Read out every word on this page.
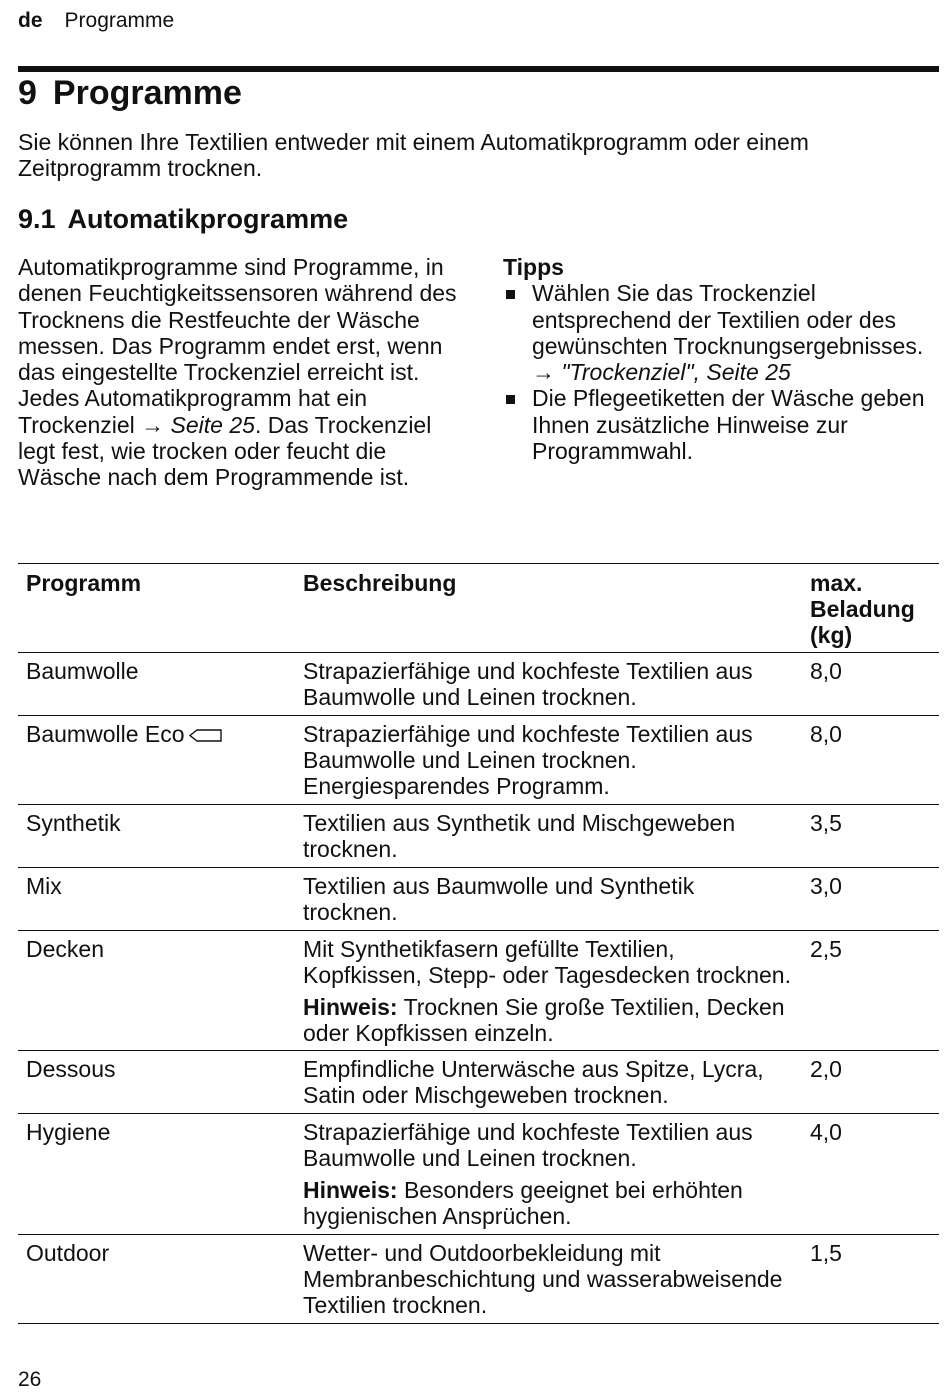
de Programme
9 Programme
Sie können Ihre Textilien entweder mit einem Automatikprogramm oder einem Zeitprogramm trocknen.
9.1 Automatikprogramme
Automatikprogramme sind Programme, in denen Feuchtigkeitssensoren während des Trocknens die Restfeuchte der Wäsche messen. Das Programm endet erst, wenn das eingestellte Trockenziel erreicht ist. Jedes Automatikprogramm hat ein Trockenziel → Seite 25. Das Trockenziel legt fest, wie trocken oder feucht die Wäsche nach dem Programmende ist.
Tipps
Wählen Sie das Trockenziel entsprechend der Textilien oder des gewünschten Trocknungsergebnisses.
→ "Trockenziel", Seite 25
Die Pflegeetiketten der Wäsche geben Ihnen zusätzliche Hinweise zur Programmwahl.
Programm	Beschreibung	max. Beladung (kg)
Baumwolle	Strapazierfähige und kochfeste Textilien aus Baumwolle und Leinen trocknen.	8,0
Baumwolle Eco	Strapazierfähige und kochfeste Textilien aus Baumwolle und Leinen trocknen. Energiesparendes Programm.	8,0
Synthetik	Textilien aus Synthetik und Mischgeweben trocknen.	3,5
Mix	Textilien aus Baumwolle und Synthetik trocknen.	3,0
Decken	Mit Synthetikfasern gefüllte Textilien, Kopfkissen, Stepp- oder Tagesdecken trocknen.
Hinweis: Trocknen Sie große Textilien, Decken oder Kopfkissen einzeln.	2,5
Dessous	Empfindliche Unterwäsche aus Spitze, Lycra, Satin oder Mischgeweben trocknen.	2,0
Hygiene	Strapazierfähige und kochfeste Textilien aus Baumwolle und Leinen trocknen.
Hinweis: Besonders geeignet bei erhöhten hygienischen Ansprüchen.	4,0
Outdoor	Wetter- und Outdoorbekleidung mit Membranbeschichtung und wasserabweisende Textilien trocknen.	1,5
26
